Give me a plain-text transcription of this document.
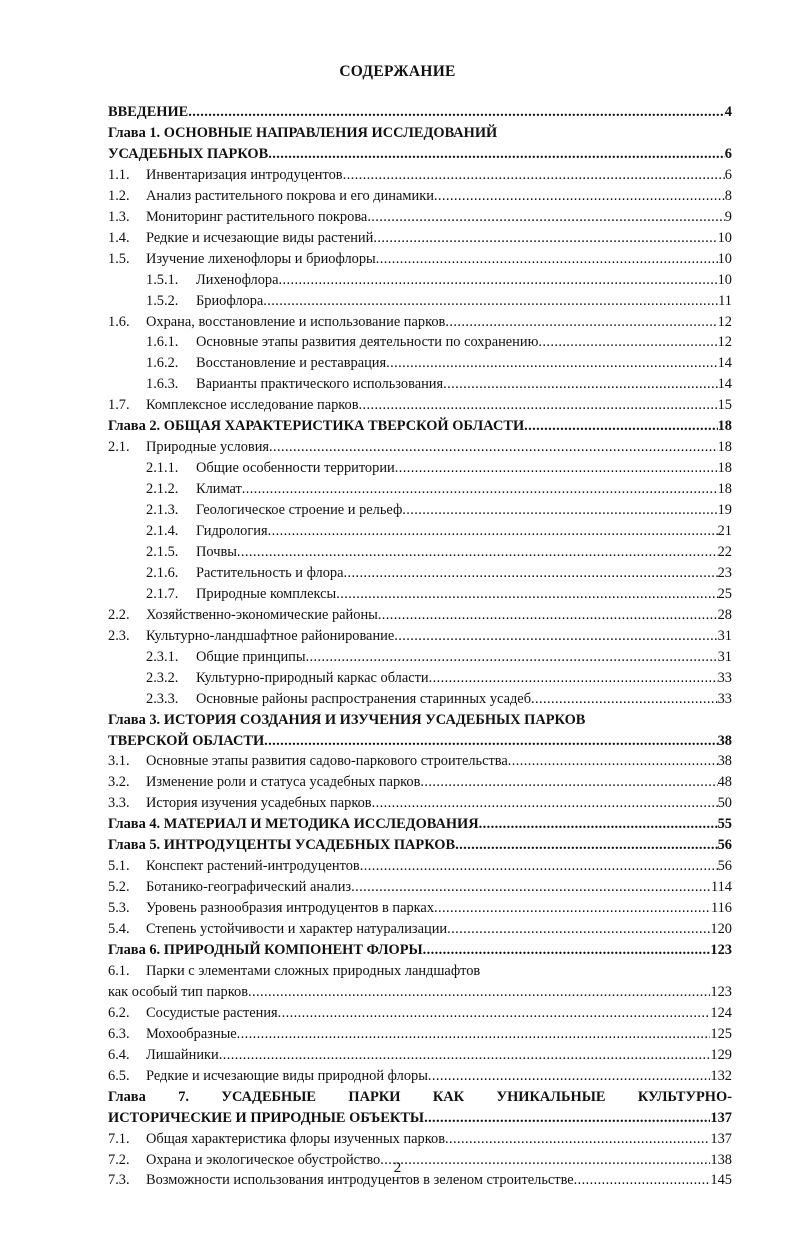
СОДЕРЖАНИЕ
ВВЕДЕНИЕ .....	4
Глава 1. ОСНОВНЫЕ НАПРАВЛЕНИЯ ИССЛЕДОВАНИЙ
УСАДЕБНЫХ ПАРКОВ .....	6
1.1.	Инвентаризация интродуцентов .....	6
1.2.	Анализ растительного покрова и его динамики .....	8
1.3.	Мониторинг растительного покрова .....	9
1.4.	Редкие и исчезающие виды растений .....	10
1.5.	Изучение лихенофлоры и бриофлоры .....	10
1.5.1.	Лихенофлора .....	10
1.5.2.	Бриофлора .....	11
1.6.	Охрана, восстановление и использование парков .....	12
1.6.1.	Основные этапы развития деятельности по сохранению .....	12
1.6.2.	Восстановление и реставрация .....	14
1.6.3.	Варианты практического использования .....	14
1.7.	Комплексное исследование парков .....	15
Глава 2. ОБЩАЯ ХАРАКТЕРИСТИКА ТВЕРСКОЙ ОБЛАСТИ .....	18
2.1.	Природные условия .....	18
2.1.1.	Общие особенности территории .....	18
2.1.2.	Климат .....	18
2.1.3.	Геологическое строение и рельеф .....	19
2.1.4.	Гидрология .....	21
2.1.5.	Почвы .....	22
2.1.6.	Растительность и флора .....	23
2.1.7.	Природные комплексы .....	25
2.2.	Хозяйственно-экономические районы .....	28
2.3.	Культурно-ландшафтное районирование .....	31
2.3.1.	Общие принципы .....	31
2.3.2.	Культурно-природный каркас области .....	33
2.3.3.	Основные районы распространения старинных усадеб .....	33
Глава 3. ИСТОРИЯ СОЗДАНИЯ И ИЗУЧЕНИЯ УСАДЕБНЫХ ПАРКОВ
ТВЕРСКОЙ ОБЛАСТИ .....	38
3.1.	Основные этапы развития садово-паркового строительства .....	38
3.2.	Изменение роли и статуса усадебных парков .....	48
3.3.	История изучения усадебных парков .....	50
Глава 4. МАТЕРИАЛ И МЕТОДИКА ИССЛЕДОВАНИЯ .....	55
Глава 5. ИНТРОДУЦЕНТЫ УСАДЕБНЫХ ПАРКОВ .....	56
5.1.	Конспект растений-интродуцентов .....	56
5.2.	Ботанико-географический анализ .....	114
5.3.	Уровень разнообразия интродуцентов в парках .....	116
5.4.	Степень устойчивости и характер натурализации .....	120
Глава 6. ПРИРОДНЫЙ КОМПОНЕНТ ФЛОРЫ .....	123
6.1.	Парки с элементами сложных природных ландшафтов
как особый тип парков .....	123
6.2.	Сосудистые растения .....	124
6.3.	Мохообразные .....	125
6.4.	Лишайники .....	129
6.5.	Редкие и исчезающие виды природной флоры .....	132
Глава 7. УСАДЕБНЫЕ ПАРКИ КАК УНИКАЛЬНЫЕ КУЛЬТУРНО-
ИСТОРИЧЕСКИЕ И ПРИРОДНЫЕ ОБЪЕКТЫ .....	137
7.1.	Общая характеристика флоры изученных парков .....	137
7.2.	Охрана и экологическое обустройство .....	138
7.3.	Возможности использования интродуцентов в зеленом строительстве .....	145
2
